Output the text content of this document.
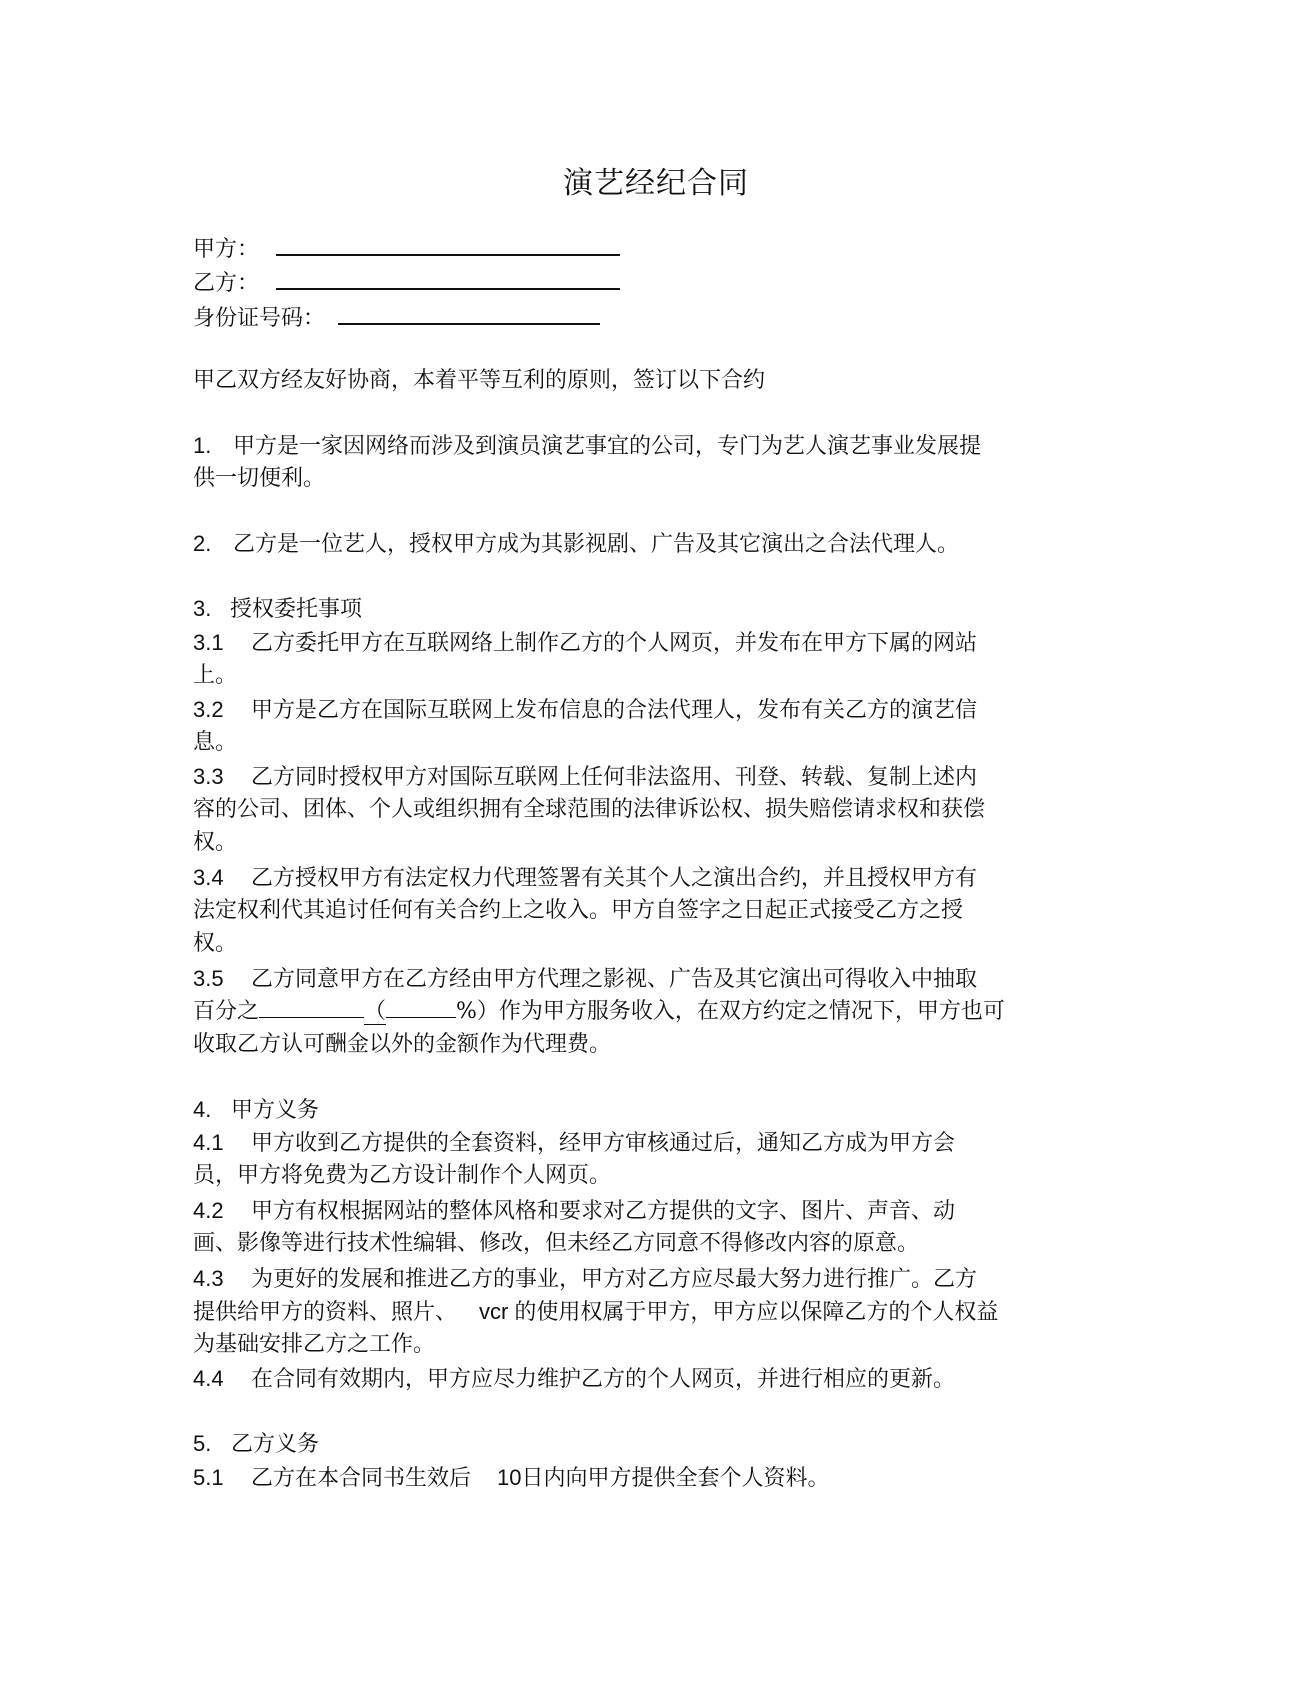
演艺经纪合同
甲方：
乙方：
身份证号码：
甲乙双方经友好协商，本着平等互利的原则，签订以下合约
1. 甲方是一家因网络而涉及到演员演艺事宜的公司，专门为艺人演艺事业发展提
供一切便利。
2. 乙方是一位艺人，授权甲方成为其影视剧、广告及其它演出之合法代理人。
3. 授权委托事项
3.1 乙方委托甲方在互联网络上制作乙方的个人网页，并发布在甲方下属的网站
上。
3.2 甲方是乙方在国际互联网上发布信息的合法代理人，发布有关乙方的演艺信
息。
3.3 乙方同时授权甲方对国际互联网上任何非法盗用、刊登、转载、复制上述内
容的公司、团体、个人或组织拥有全球范围的法律诉讼权、损失赔偿请求权和获偿
权。
3.4 乙方授权甲方有法定权力代理签署有关其个人之演出合约，并且授权甲方有
法定权利代其追讨任何有关合约上之收入。甲方自签字之日起正式接受乙方之授
权。
3.5 乙方同意甲方在乙方经由甲方代理之影视、广告及其它演出可得收入中抽取
百分之	（	%）作为甲方服务收入，在双方约定之情况下，甲方也可
收取乙方认可酬金以外的金额作为代理费。
4. 甲方义务
4.1 甲方收到乙方提供的全套资料，经甲方审核通过后，通知乙方成为甲方会
员，甲方将免费为乙方设计制作个人网页。
4.2 甲方有权根据网站的整体风格和要求对乙方提供的文字、图片、声音、动
画、影像等进行技术性编辑、修改，但未经乙方同意不得修改内容的原意。
4.3 为更好的发展和推进乙方的事业，甲方对乙方应尽最大努力进行推广。乙方
提供给甲方的资料、照片、 vcr 的使用权属于甲方，甲方应以保障乙方的个人权益
为基础安排乙方之工作。
4.4 在合同有效期内，甲方应尽力维护乙方的个人网页，并进行相应的更新。
5. 乙方义务
5.1 乙方在本合同书生效后 10日内向甲方提供全套个人资料。
